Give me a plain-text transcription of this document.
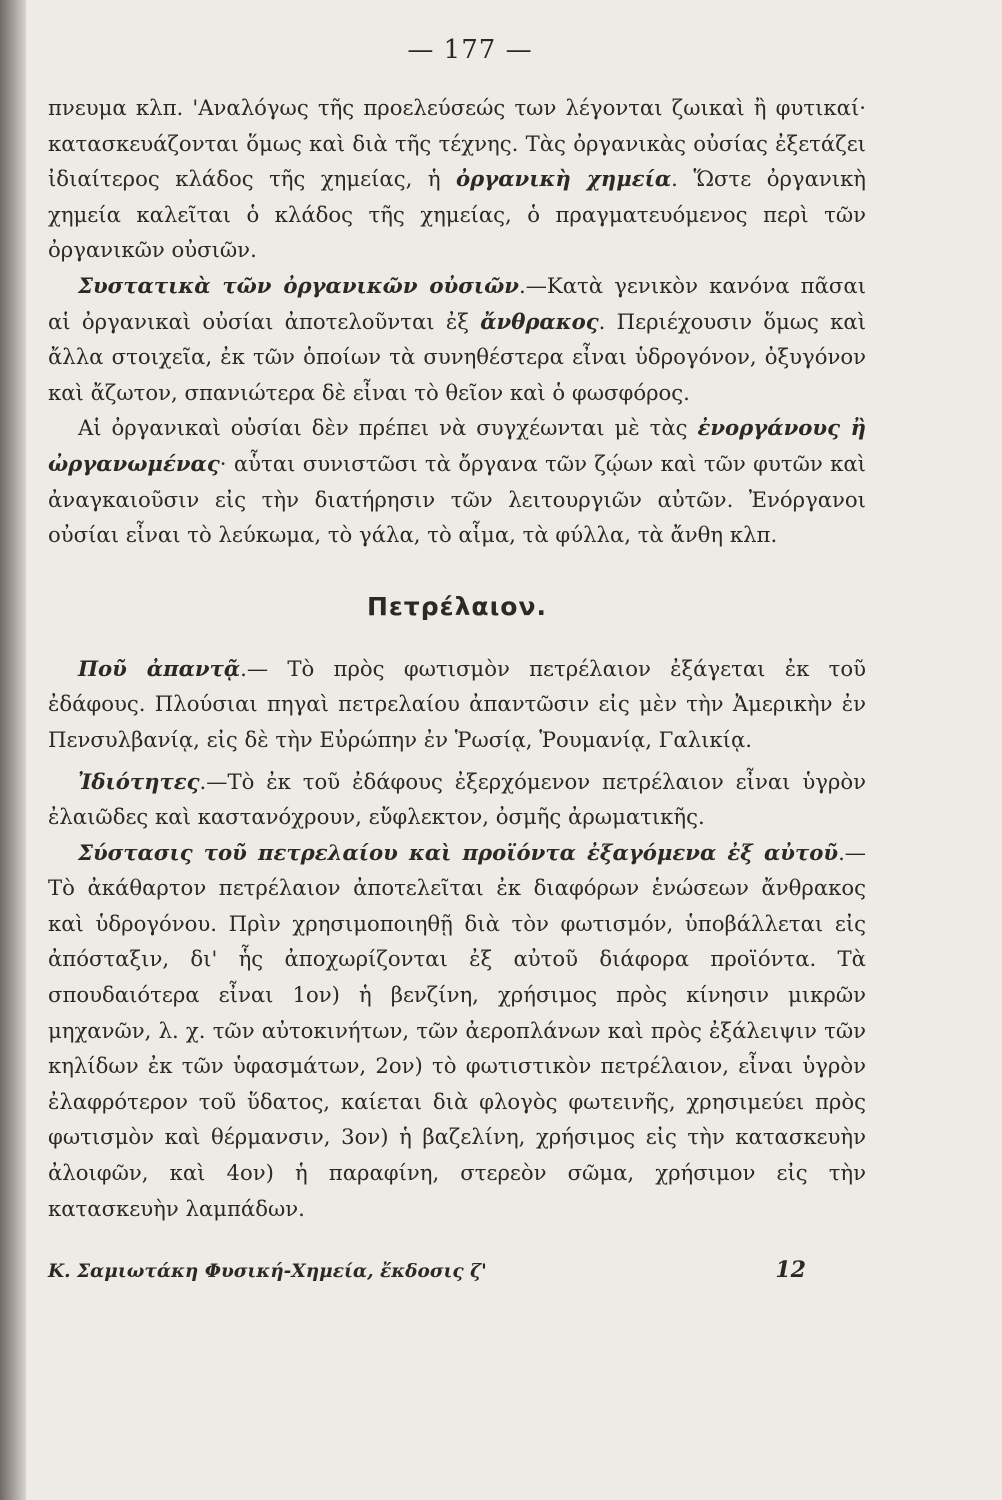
— 177 —

πνευμα κλπ. 'Αναλόγως τῆς προελεύσεώς των λέγονται ζωικαὶ ἢ φυτικαί· κατασκευάζονται ὅμως καὶ διὰ τῆς τέχνης. Τὰς ὀργανικὰς οὐσίας ἐξετάζει ἰδιαίτερος κλάδος τῆς χημείας, ἡ ὀργανικὴ χημεία. Ὥστε ὀργανικὴ χημεία καλεῖται ὁ κλάδος τῆς χημείας, ὁ πραγματευόμενος περὶ τῶν ὀργανικῶν οὐσιῶν.

Συστατικὰ τῶν ὀργανικῶν οὐσιῶν.—Κατὰ γενικὸν κανόνα πᾶσαι αἱ ὀργανικαὶ οὐσίαι ἀποτελοῦνται ἐξ ἄνθρακος. Περιέχουσιν ὅμως καὶ ἄλλα στοιχεῖα, ἐκ τῶν ὁποίων τὰ συνηθέστερα εἶναι ὑδρογόνον, ὀξυγόνον καὶ ἄζωτον, σπανιώτερα δὲ εἶναι τὸ θεῖον καὶ ὁ φωσφόρος.

Αἱ ὀργανικαὶ οὐσίαι δὲν πρέπει νὰ συγχέωνται μὲ τὰς ἐνοργάνους ἢ ὠργανωμένας· αὗται συνιστῶσι τὰ ὄργανα τῶν ζῴων καὶ τῶν φυτῶν καὶ ἀναγκαιοῦσιν εἰς τὴν διατήρησιν τῶν λειτουργιῶν αὐτῶν. Ἐνόργανοι οὐσίαι εἶναι τὸ λεύκωμα, τὸ γάλα, τὸ αἷμα, τὰ φύλλα, τὰ ἄνθη κλπ.

Πετρέλαιον.

Ποῦ ἀπαντᾷ.— Τὸ πρὸς φωτισμὸν πετρέλαιον ἐξάγεται ἐκ τοῦ ἐδάφους. Πλούσιαι πηγαὶ πετρελαίου ἀπαντῶσιν εἰς μὲν τὴν Ἀμερικὴν ἐν Πενσυλβανίᾳ, εἰς δὲ τὴν Εὐρώπην ἐν Ῥωσίᾳ, Ῥουμανίᾳ, Γαλικίᾳ.

Ἰδιότητες.—Τὸ ἐκ τοῦ ἐδάφους ἐξερχόμενον πετρέλαιον εἶναι ὑγρὸν ἐλαιῶδες καὶ καστανόχρουν, εὔφλεκτον, ὀσμῆς ἀρωματικῆς.

Σύστασις τοῦ πετρελαίου καὶ προϊόντα ἐξαγόμενα ἐξ αὐτοῦ.—Τὸ ἀκάθαρτον πετρέλαιον ἀποτελεῖται ἐκ διαφόρων ἑνώσεων ἄνθρακος καὶ ὑδρογόνου. Πρὶν χρησιμοποιηθῇ διὰ τὸν φωτισμόν, ὑποβάλλεται εἰς ἀπόσταξιν, δι' ἧς ἀποχωρίζονται ἐξ αὐτοῦ διάφορα προϊόντα. Τὰ σπουδαιότερα εἶναι 1ον) ἡ βενζίνη, χρήσιμος πρὸς κίνησιν μικρῶν μηχανῶν, λ. χ. τῶν αὐτοκινήτων, τῶν ἀεροπλάνων καὶ πρὸς ἐξάλειψιν τῶν κηλίδων ἐκ τῶν ὑφασμάτων, 2ον) τὸ φωτιστικὸν πετρέλαιον, εἶναι ὑγρὸν ἐλαφρότερον τοῦ ὕδατος, καίεται διὰ φλογὸς φωτεινῆς, χρησιμεύει πρὸς φωτισμὸν καὶ θέρμανσιν, 3ον) ἡ βαζελίνη, χρήσιμος εἰς τὴν κατασκευὴν ἀλοιφῶν, καὶ 4ον) ἡ παραφίνη, στερεὸν σῶμα, χρήσιμον εἰς τὴν κατασκευὴν λαμπάδων.

Κ. Σαμιωτάκη Φυσική-Χημεία, ἔκδοσις ζ'	12
